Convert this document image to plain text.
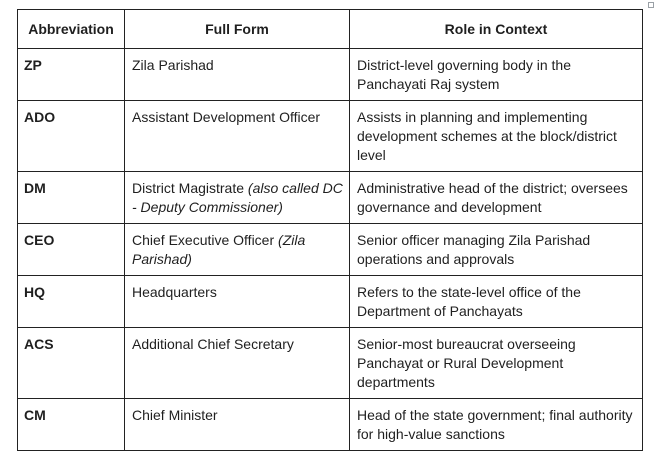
Abbreviation	Full Form	Role in Context
ZP	Zila Parishad	District-level governing body in the Panchayati Raj system
ADO	Assistant Development Officer	Assists in planning and implementing development schemes at the block/district level
DM	District Magistrate (also called DC - Deputy Commissioner)	Administrative head of the district; oversees governance and development
CEO	Chief Executive Officer (Zila Parishad)	Senior officer managing Zila Parishad operations and approvals
HQ	Headquarters	Refers to the state-level office of the Department of Panchayats
ACS	Additional Chief Secretary	Senior-most bureaucrat overseeing Panchayat or Rural Development departments
CM	Chief Minister	Head of the state government; final authority for high-value sanctions
